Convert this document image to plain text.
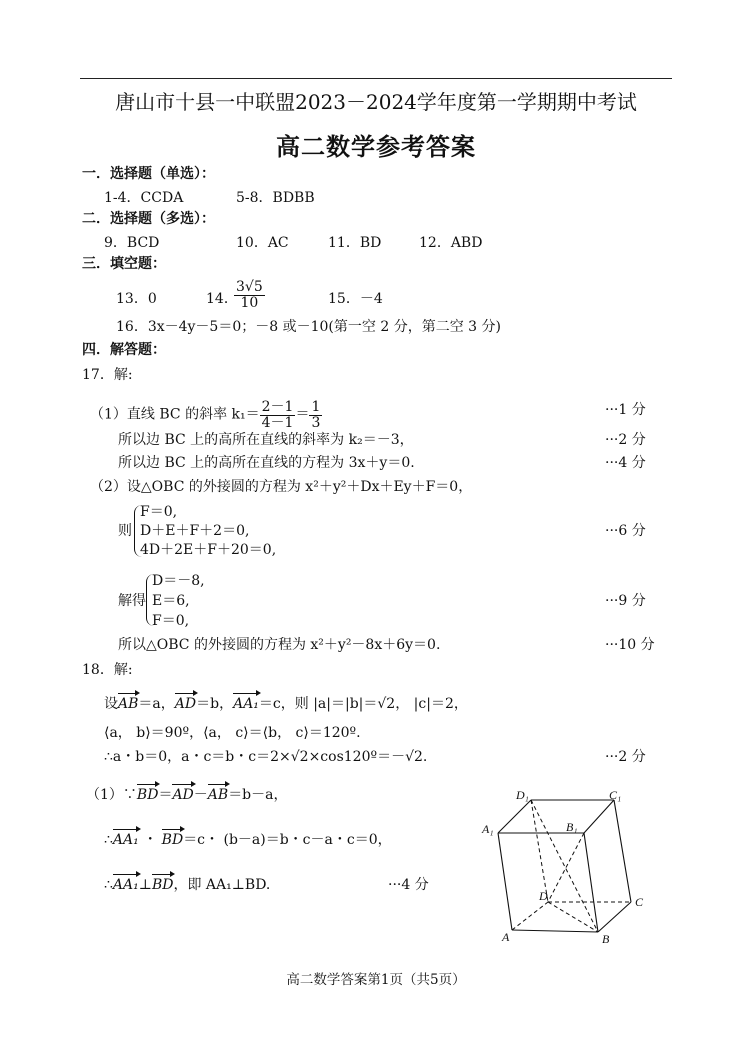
唐山市十县一中联盟2023－2024学年度第一学期期中考试
高二数学参考答案
一．选择题（单选）：
1-4．CCDA	5-8．BDBB
二．选择题（多选）：
9．BCD	10．AC	11．BD	12．ABD
三．填空题：
13．0	14．
$\frac{3√5}{10}$	15．－4
16．3x－4y－5＝0；－8 或－10(第一空 2 分，第二空 3 分)
四．解答题：
17．解:
（1）直线 BC 的斜率 $k_1= \frac{2-1}{4-1} = \frac{1}{3}$	···1 分
所以边 BC 上的高所在直线的斜率为 k₂＝－3，	···2 分
所以边 BC 上的高所在直线的方程为 3x＋y＝0.	···4 分
（2）设△OBC 的外接圆的方程为 x²＋y²＋Dx＋Ey＋F＝0，
则
F＝0,
D＋E＋F＋2＝0,
4D＋2E＋F＋20＝0,
···6 分
解得
D＝－8,
E＝6,
F＝0,
···9 分
所以△OBC 的外接圆的方程为 x²＋y²－8x＋6y＝0.	···10 分
18．解:
设AB＝a，AD＝b，AA₁＝c，则 |a|＝|b|＝√2， |c|＝2，
⟨a， b⟩＝90º，⟨a， c⟩＝⟨b， c⟩＝120º.
∴a・b＝0，a・c＝b・c＝2×√2×cos120º＝－√2.	···2 分
（1）∵BD＝AD－AB＝b－a，
∴AA₁ ・ BD＝c・ (b－a)＝b・c－a・c＝0，
∴AA₁⊥BD，即 AA₁⊥BD.	···4 分
D₁	C₁
A₁	B₁
D	C
A	B
高二数学答案第1页（共5页）
